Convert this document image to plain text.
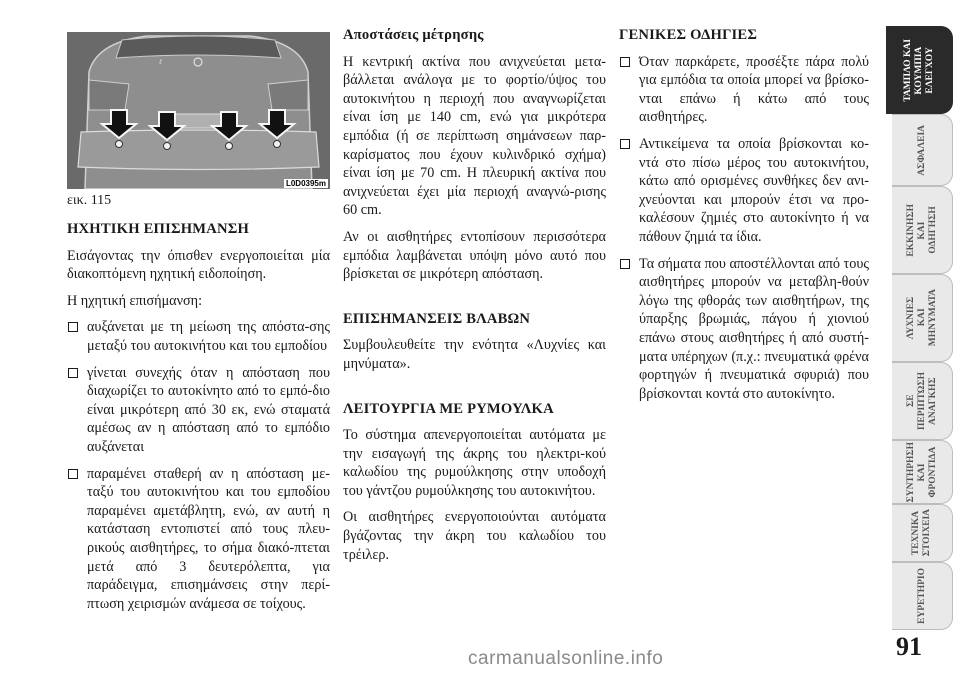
ℓ
L0D0395m
εικ. 115
ΗΧΗΤΙΚΗ ΕΠΙΣΗΜΑΝΣΗ

Εισάγοντας την όπισθεν ενεργοποιείται μία διακοπτόμενη ηχητική ειδοποίηση.

Η ηχητική επισήμανση:

αυξάνεται με τη μείωση της απόστα-σης μεταξύ του αυτοκινήτου και του εμποδίου
γίνεται συνεχής όταν η απόσταση που διαχωρίζει το αυτοκίνητο από το εμπό-διο είναι μικρότερη από 30 εκ, ενώ σταματά αμέσως αν η απόσταση από το εμπόδιο αυξάνεται
παραμένει σταθερή αν η απόσταση με-ταξύ του αυτοκινήτου και του εμποδίου παραμένει αμετάβλητη, ενώ, αν αυτή η κατάσταση εντοπιστεί από τους πλευ-ρικούς αισθητήρες, το σήμα διακό-πτεται μετά από 3 δευτερόλεπτα, για παράδειγμα, επισημάνσεις στην περί-πτωση χειρισμών ανάμεσα σε τοίχους.
Αποστάσεις μέτρησης

Η κεντρική ακτίνα που ανιχνεύεται μετα-βάλλεται ανάλογα με το φορτίο/ύψος του αυτοκινήτου η περιοχή που αναγνωρίζεται είναι ίση με 140 cm, ενώ για μικρότερα εμπόδια (ή σε περίπτωση σημάνσεων παρ-καρίσματος που έχουν κυλινδρικό σχήμα) είναι ίση με 70 cm. Η πλευρική ακτίνα που ανιχνεύεται έχει μία περιοχή αναγνώ-ρισης 60 cm.

Αν οι αισθητήρες εντοπίσουν περισσότερα εμπόδια λαμβάνεται υπόψη μόνο αυτό που βρίσκεται σε μικρότερη απόσταση.

ΕΠΙΣΗΜΑΝΣΕΙΣ ΒΛΑΒΩΝ

Συμβουλευθείτε την ενότητα «Λυχνίες και μηνύματα».

ΛΕΙΤΟΥΡΓΙΑ ΜΕ ΡΥΜΟΥΛΚΑ

Το σύστημα απενεργοποιείται αυτόματα με την εισαγωγή της άκρης του ηλεκτρι-κού καλωδίου της ρυμούλκησης στην υποδοχή του γάντζου ρυμούλκησης του αυτοκινήτου.

Οι αισθητήρες ενεργοποιούνται αυτόματα βγάζοντας την άκρη του καλωδίου του τρέιλερ.

ΓΕΝΙΚΕΣ ΟΔΗΓΙΕΣ
Όταν παρκάρετε, προσέξτε πάρα πολύ για εμπόδια τα οποία μπορεί να βρίσκο-νται επάνω ή κάτω από τους αισθητήρες.
Αντικείμενα τα οποία βρίσκονται κο-ντά στο πίσω μέρος του αυτοκινήτου, κάτω από ορισμένες συνθήκες δεν ανι-χνεύονται και μπορούν έτσι να προ-καλέσουν ζημιές στο αυτοκίνητο ή να πάθουν ζημιά τα ίδια.
Τα σήματα που αποστέλλονται από τους αισθητήρες μπορούν να μεταβλη-θούν λόγω της φθοράς των αισθητήρων, της ύπαρξης βρωμιάς, πάγου ή χιονιού επάνω στους αισθητήρες ή από συστή-ματα υπέρηχων (π.χ.: πνευματικά φρένα φορτηγών ή πνευματικά σφυριά) που βρίσκονται κοντά στο αυτοκίνητο.
ΤΑΜΠΛΟ ΚΑΙ
ΚΟΥΜΠΙΑ
ΕΛΕΓΧΟΥ
ΑΣΦΑΛΕΙΑ
ΕΚΚΙΝΗΣΗ
ΚΑΙ
ΟΔΗΓΗΣΗ
ΛΥΧΝΙΕΣ
ΚΑΙ
ΜΗΝΥΜΑΤΑ
ΣΕ
ΠΕΡΙΠΤΩΣΗ
ΑΝΑΓΚΗΣ
ΣΥΝΤΗΡΗΣΗ
ΚΑΙ
ΦΡΟΝΤΙΔΑ
ΤΕΧΝΙΚΑ
ΣΤΟΙΧΕΙΑ
ΕΥΡΕΤΗΡΙΟ
91
carmanualsonline.info
